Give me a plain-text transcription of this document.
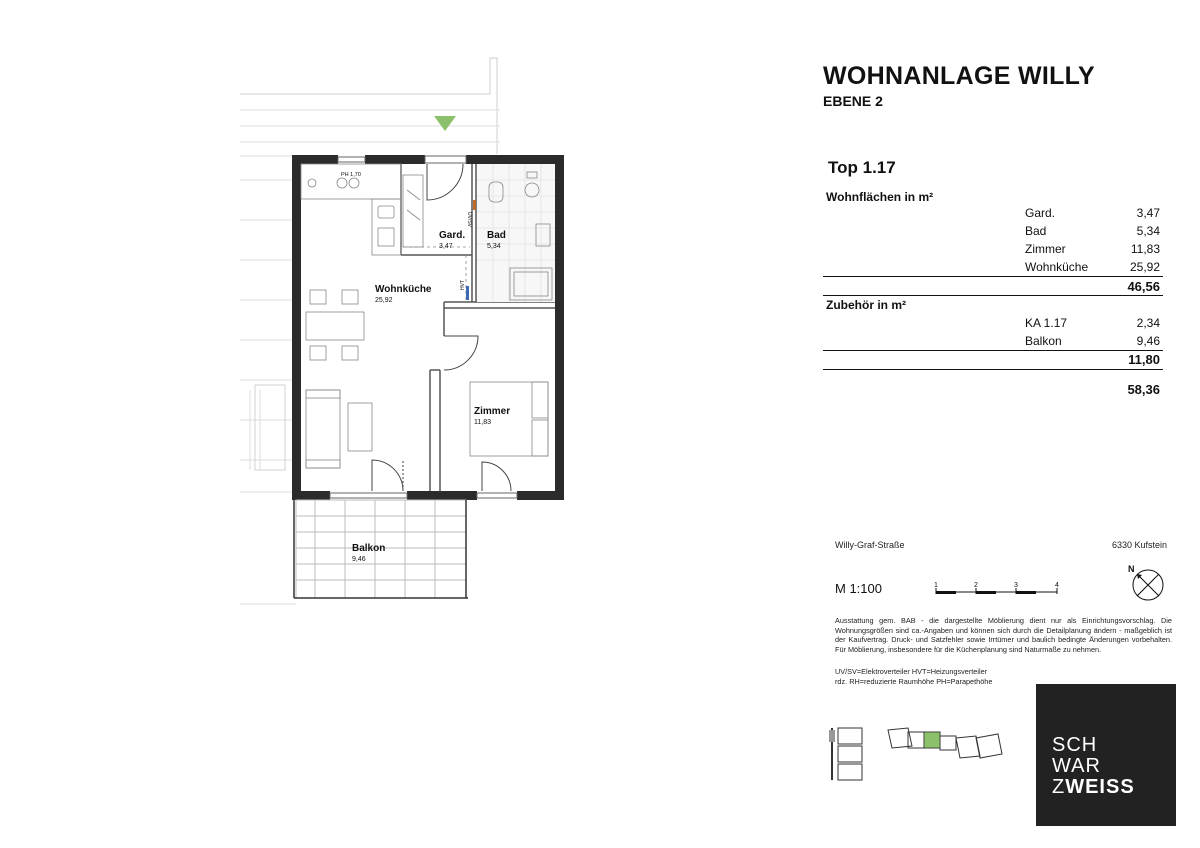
Wohnküche
25,92
Gard.
3,47
Bad
5,34
Zimmer
11,83
Balkon
9,46
PH 1,70
UV/SV
HVT
WOHNANLAGE WILLY
EBENE 2
Top 1.17
Wohnflächen in m²
Gard.	3,47
Bad	5,34
Zimmer	11,83
Wohnküche	25,92
46,56
Zubehör in m²
KA 1.17	2,34
Balkon	9,46
11,80
58,36
Willy-Graf-Straße	6330 Kufstein
M 1:100	1	2	3	4
N
Ausstattung gem. BAB - die dargestellte Möblierung dient nur als Einrichtungsvorschlag. Die Wohnungsgrößen sind ca.-Angaben und können sich durch die Detailplanung ändern - maßgeblich ist der Kaufvertrag. Druck- und Satzfehler sowie Irrtümer und baulich bedingte Änderungen vorbehalten. Für Möblierung, insbesondere für die Küchenplanung sind Naturmaße zu nehmen.
UV/SV=Elektroverteiler HVT=Heizungsverteiler
rdz. RH=reduzierte Raumhöhe PH=Parapethöhe
SCH
WAR
ZWEISS
